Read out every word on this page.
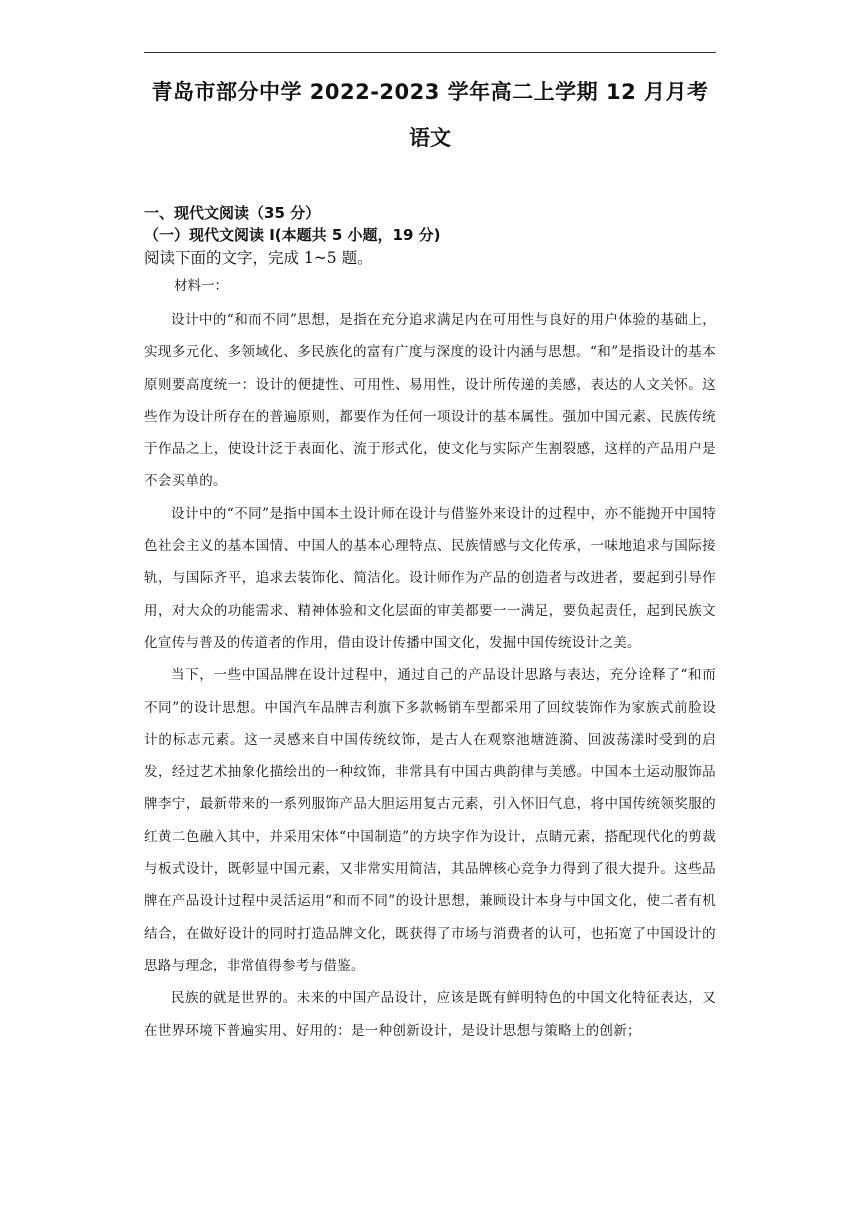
青岛市部分中学 2022-2023 学年高二上学期 12 月月考
语文
一、现代文阅读（35 分）
（一）现代文阅读 I(本题共 5 小题，19 分)
阅读下面的文字，完成 1~5 题。
材料一：

设计中的“和而不同”思想，是指在充分追求满足内在可用性与良好的用户体验的基础上，实现多元化、多领域化、多民族化的富有广度与深度的设计内涵与思想。“和”是指设计的基本原则要高度统一：设计的便捷性、可用性、易用性，设计所传递的美感，表达的人文关怀。这些作为设计所存在的普遍原则，都要作为任何一项设计的基本属性。强加中国元素、民族传统于作品之上，使设计泛于表面化、流于形式化，使文化与实际产生割裂感，这样的产品用户是不会买单的。

设计中的“不同”是指中国本土设计师在设计与借鉴外来设计的过程中，亦不能抛开中国特色社会主义的基本国情、中国人的基本心理特点、民族情感与文化传承，一味地追求与国际接轨，与国际齐平，追求去装饰化、简洁化。设计师作为产品的创造者与改进者，要起到引导作用，对大众的功能需求、精神体验和文化层面的审美都要一一满足，要负起责任，起到民族文化宣传与普及的传道者的作用，借由设计传播中国文化，发掘中国传统设计之美。

当下，一些中国品牌在设计过程中，通过自己的产品设计思路与表达，充分诠释了“和而不同”的设计思想。中国汽车品牌吉利旗下多款畅销车型都采用了回纹装饰作为家族式前脸设计的标志元素。这一灵感来自中国传统纹饰，是古人在观察池塘涟漪、回波荡漾时受到的启发，经过艺术抽象化描绘出的一种纹饰，非常具有中国古典韵律与美感。中国本土运动服饰品牌李宁，最新带来的一系列服饰产品大胆运用复古元素，引入怀旧气息，将中国传统领奖服的红黄二色融入其中，并采用宋体“中国制造”的方块字作为设计，点睛元素，搭配现代化的剪裁与板式设计，既彰显中国元素，又非常实用简洁，其品牌核心竞争力得到了很大提升。这些品牌在产品设计过程中灵活运用“和而不同”的设计思想，兼顾设计本身与中国文化，使二者有机结合，在做好设计的同时打造品牌文化，既获得了市场与消费者的认可，也拓宽了中国设计的思路与理念，非常值得参考与借鉴。

民族的就是世界的。未来的中国产品设计，应该是既有鲜明特色的中国文化特征表达，又在世界环境下普遍实用、好用的：是一种创新设计，是设计思想与策略上的创新；
